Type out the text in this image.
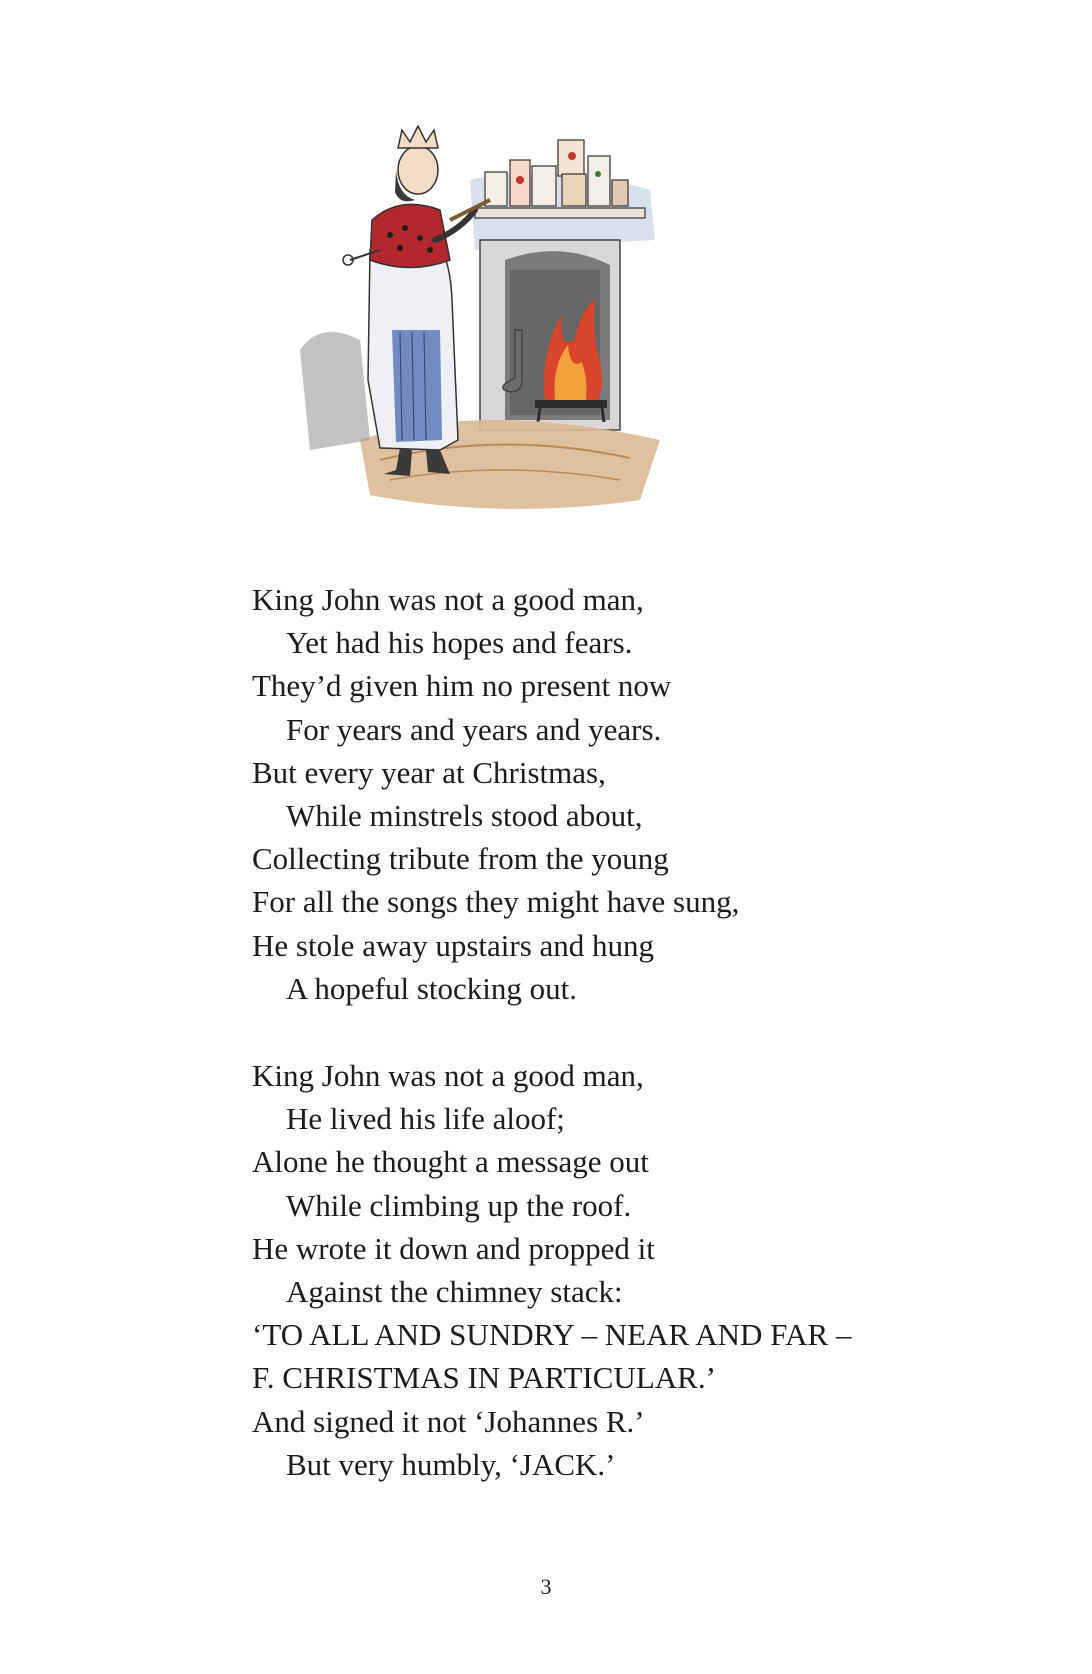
King John was not a good man,
Yet had his hopes and fears.
They’d given him no present now
For years and years and years.
But every year at Christmas,
While minstrels stood about,
Collecting tribute from the young
For all the songs they might have sung,
He stole away upstairs and hung
A hopeful stocking out.

King John was not a good man,
He lived his life aloof;
Alone he thought a message out
While climbing up the roof.
He wrote it down and propped it
Against the chimney stack:
‘TO ALL AND SUNDRY – NEAR AND FAR –
F. CHRISTMAS IN PARTICULAR.’
And signed it not ‘Johannes R.’
But very humbly, ‘JACK.’

3
